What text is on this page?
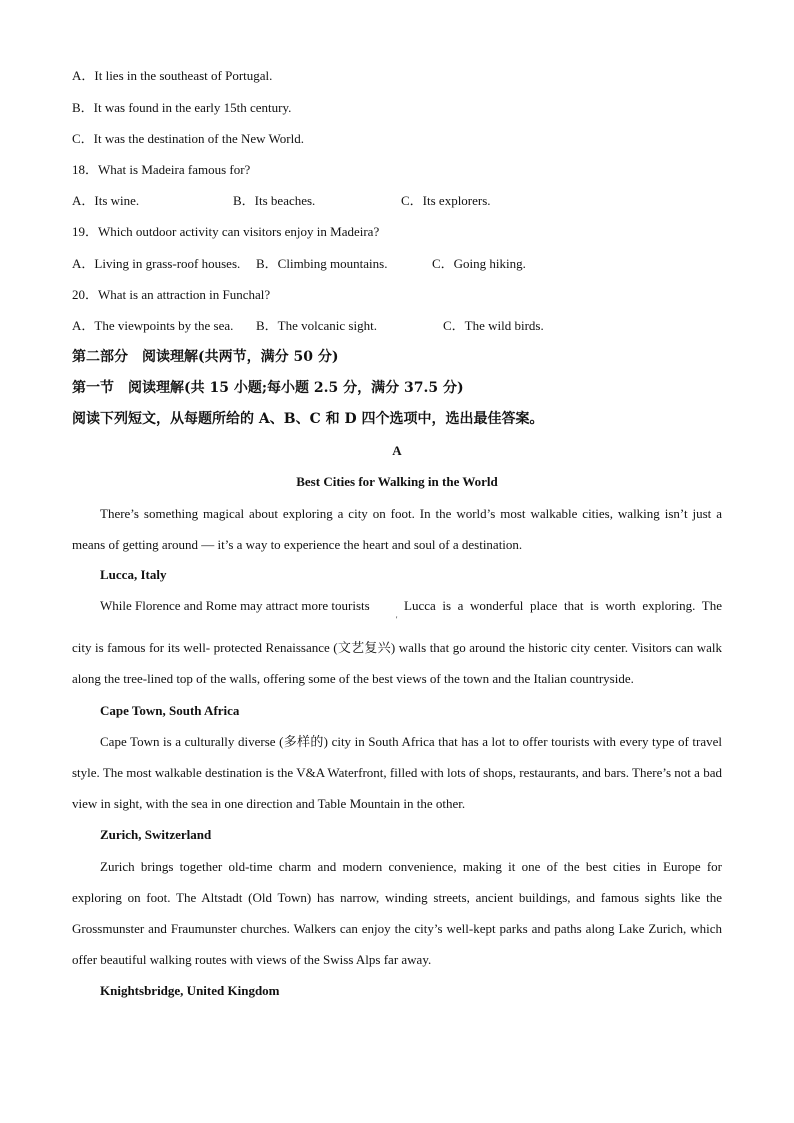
A．It lies in the southeast of Portugal.
B．It was found in the early 15th century.
C．It was the destination of the New World.
18．What is Madeira famous for?
A．Its wine.	B．Its beaches.	C．Its explorers.
19．Which outdoor activity can visitors enjoy in Madeira?
A．Living in grass-roof houses. B．Climbing mountains.	C．Going hiking.
20．What is an attraction in Funchal?
A．The viewpoints by the sea. B．The volcanic sight.	C．The wild birds.
第二部分　阅读理解(共两节，满分 50 分)
第一节　阅读理解(共 15 小题;每小题 2.5 分，满分 37.5 分)
阅读下列短文，从每题所给的 A、B、C 和 D 四个选项中，选出最佳答案。
A
Best Cities for Walking in the World

There’s something magical about exploring a city on foot. In the world’s most walkable cities, walking isn’t just a means of getting around — it’s a way to experience the heart and soul of a destination.

Lucca, Italy
While Florence and Rome may attract more tourists	Lucca is a wonderful place that is worth exploring. The
'

city is famous for its well- protected Renaissance (文艺复兴) walls that go around the historic city center. Visitors can walk along the tree-lined top of the walls, offering some of the best views of the town and the Italian countryside.

Cape Town, South Africa

Cape Town is a culturally diverse (多样的) city in South Africa that has a lot to offer tourists with every type of travel style. The most walkable destination is the V&A Waterfront, filled with lots of shops, restaurants, and bars. There’s not a bad view in sight, with the sea in one direction and Table Mountain in the other.

Zurich, Switzerland

Zurich brings together old-time charm and modern convenience, making it one of the best cities in Europe for exploring on foot. The Altstadt (Old Town) has narrow, winding streets, ancient buildings, and famous sights like the Grossmunster and Fraumunster churches. Walkers can enjoy the city’s well-kept parks and paths along Lake Zurich, which offer beautiful walking routes with views of the Swiss Alps far away.

Knightsbridge, United Kingdom
